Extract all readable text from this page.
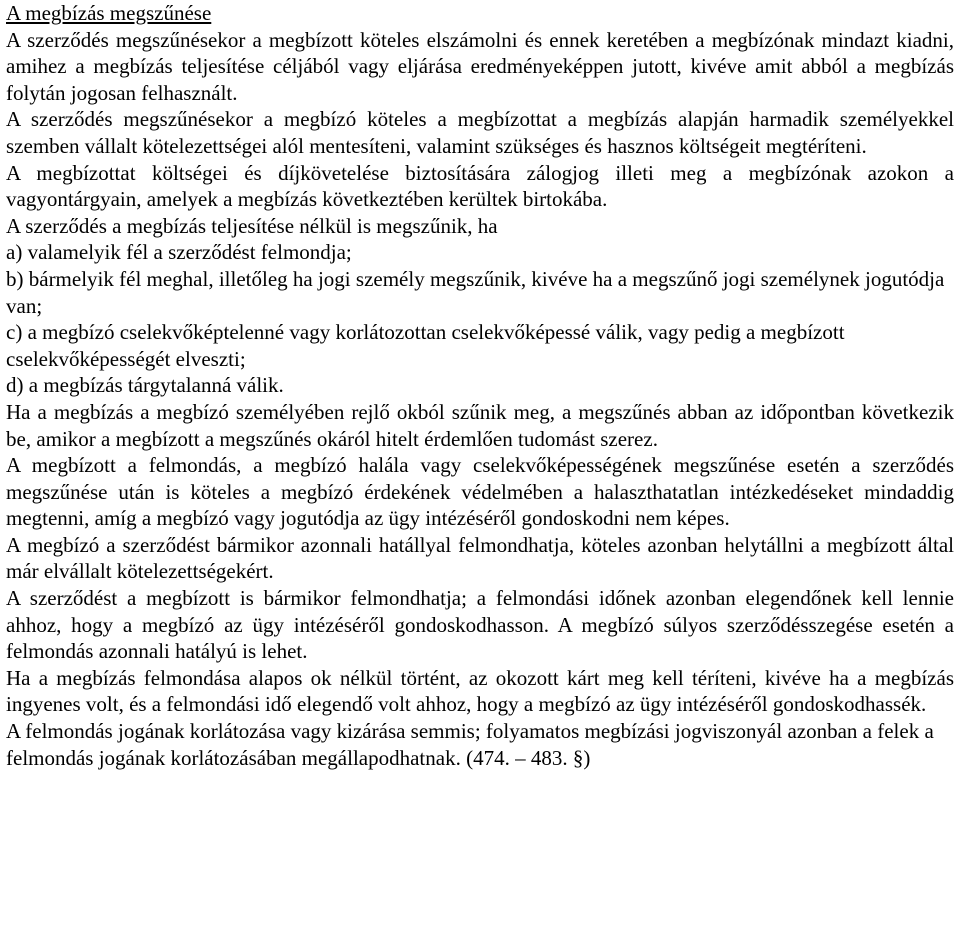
A megbízás megszűnése

A szerződés megszűnésekor a megbízott köteles elszámolni és ennek keretében a megbízónak mindazt kiadni, amihez a megbízás teljesítése céljából vagy eljárása eredményeképpen jutott, kivéve amit abból a megbízás folytán jogosan felhasznált.

A szerződés megszűnésekor a megbízó köteles a megbízottat a megbízás alapján harmadik személyekkel szemben vállalt kötelezettségei alól mentesíteni, valamint szükséges és hasznos költségeit megtéríteni.

A megbízottat költségei és díjkövetelése biztosítására zálogjog illeti meg a megbízónak azokon a vagyontárgyain, amelyek a megbízás következtében kerültek birtokába.

A szerződés a megbízás teljesítése nélkül is megszűnik, ha

a) valamelyik fél a szerződést felmondja;

b) bármelyik fél meghal, illetőleg ha jogi személy megszűnik, kivéve ha a megszűnő jogi személynek jogutódja van;

c) a megbízó cselekvőképtelenné vagy korlátozottan cselekvőképessé válik, vagy pedig a megbízott cselekvőképességét elveszti;

d) a megbízás tárgytalanná válik.

Ha a megbízás a megbízó személyében rejlő okból szűnik meg, a megszűnés abban az időpontban következik be, amikor a megbízott a megszűnés okáról hitelt érdemlően tudomást szerez.

A megbízott a felmondás, a megbízó halála vagy cselekvőképességének megszűnése esetén a szerződés megszűnése után is köteles a megbízó érdekének védelmében a halaszthatatlan intézkedéseket mindaddig megtenni, amíg a megbízó vagy jogutódja az ügy intézéséről gondoskodni nem képes.

A megbízó a szerződést bármikor azonnali hatállyal felmondhatja, köteles azonban helytállni a megbízott által már elvállalt kötelezettségekért.

A szerződést a megbízott is bármikor felmondhatja; a felmondási időnek azonban elegendőnek kell lennie ahhoz, hogy a megbízó az ügy intézéséről gondoskodhasson. A megbízó súlyos szerződésszegése esetén a felmondás azonnali hatályú is lehet.

Ha a megbízás felmondása alapos ok nélkül történt, az okozott kárt meg kell téríteni, kivéve ha a megbízás ingyenes volt, és a felmondási idő elegendő volt ahhoz, hogy a megbízó az ügy intézéséről gondoskodhassék.

A felmondás jogának korlátozása vagy kizárása semmis; folyamatos megbízási jogviszonyál azonban a felek a felmondás jogának korlátozásában megállapodhatnak. (474. – 483. §)
